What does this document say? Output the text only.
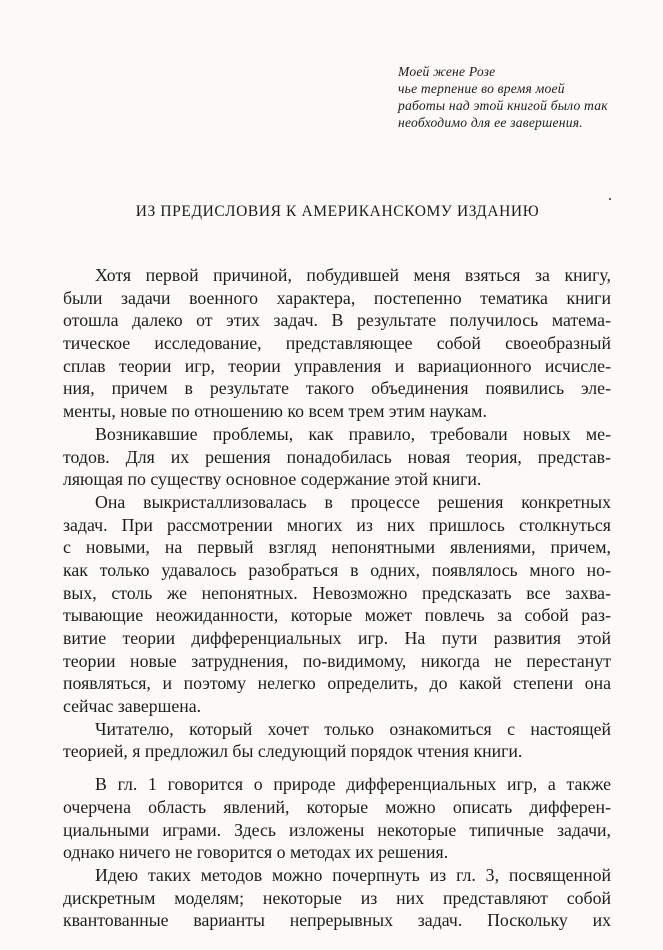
Моей жене Розе
чье терпение во время моей
работы над этой книгой было так
необходимо для ее завершения.
ИЗ ПРЕДИСЛОВИЯ К АМЕРИКАНСКОМУ ИЗДАНИЮ
Хотя первой причиной, побудившей меня взяться за книгу,
были задачи военного характера, постепенно тематика книги
отошла далеко от этих задач. В результате получилось матема-
тическое исследование, представляющее собой своеобразный
сплав теории игр, теории управления и вариационного исчисле-
ния, причем в результате такого объединения появились эле-
менты, новые по отношению ко всем трем этим наукам.
Возникавшие проблемы, как правило, требовали новых ме-
тодов. Для их решения понадобилась новая теория, представ-
ляющая по существу основное содержание этой книги.
Она выкристаллизовалась в процессе решения конкретных
задач. При рассмотрении многих из них пришлось столкнуться
с новыми, на первый взгляд непонятными явлениями, причем,
как только удавалось разобраться в одних, появлялось много но-
вых, столь же непонятных. Невозможно предсказать все захва-
тывающие неожиданности, которые может повлечь за собой раз-
витие теории дифференциальных игр. На пути развития этой
теории новые затруднения, по-видимому, никогда не перестанут
появляться, и поэтому нелегко определить, до какой степени она
сейчас завершена.
Читателю, который хочет только ознакомиться с настоящей
теорией, я предложил бы следующий порядок чтения книги.
В гл. 1 говорится о природе дифференциальных игр, а также
очерчена область явлений, которые можно описать дифферен-
циальными играми. Здесь изложены некоторые типичные задачи,
однако ничего не говорится о методах их решения.
Идею таких методов можно почерпнуть из гл. 3, посвященной
дискретным моделям; некоторые из них представляют собой
квантованные варианты непрерывных задач. Поскольку их
